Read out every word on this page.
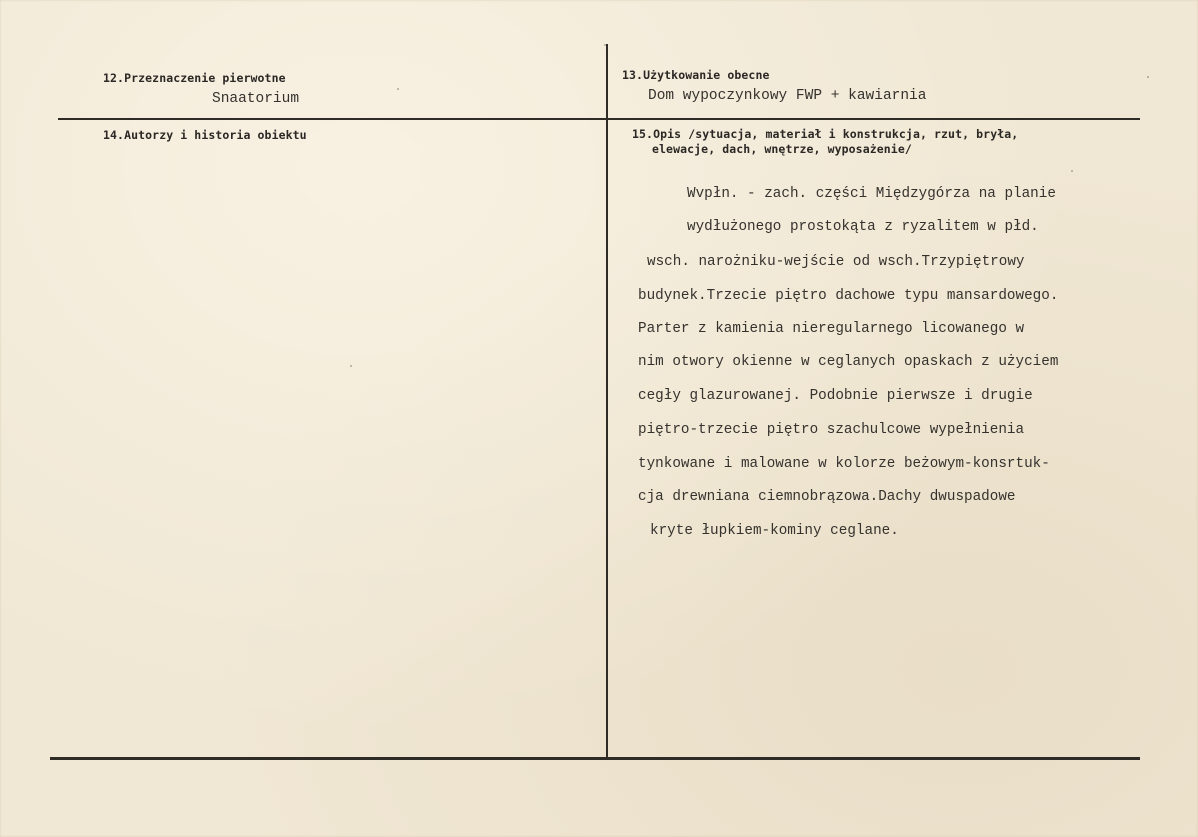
12.Przeznaczenie pierwotne
Snaatorium
13.Użytkowanie obecne
Dom wypoczynkowy FWP + kawiarnia
14.Autorzy i historia obiektu	15.Opis /sytuacja, materiał i konstrukcja, rzut, bryła,
elewacje, dach, wnętrze, wyposażenie/
Wvpłn. - zach. części Międzygórza na planie
wydłużonego prostokąta z ryzalitem w płd.
wsch. narożniku-wejście od wsch.Trzypiętrowy
budynek.Trzecie piętro dachowe typu mansardowego.
Parter z kamienia nieregularnego licowanego w
nim otwory okienne w ceglanych opaskach z użyciem
cegły glazurowanej. Podobnie pierwsze i drugie
piętro-trzecie piętro szachulcowe wypełnienia
tynkowane i malowane w kolorze beżowym-konsrtuk-
cja drewniana ciemnobrązowa.Dachy dwuspadowe
kryte łupkiem-kominy ceglane.
